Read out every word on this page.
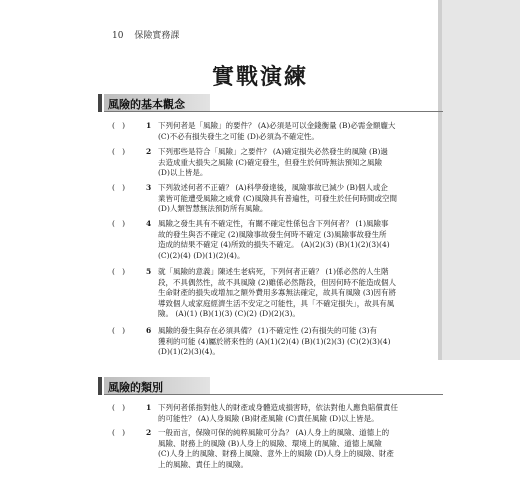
10 保險實務課
實戰演練
風險的基本觀念
(   )	1 下列何者是「風險」的要件？ (A)必須是可以金錢衡量 (B)必需金額龐大
(C)不必有損失發生之可能 (D)必須為不確定性。
(   )	2 下列那些是符合「風險」之要件？ (A)確定損失必然發生的風險 (B)過
去造成重大損失之風險 (C)確定發生，但發生於何時無法預知之風險
(D)以上皆是。
(   )	3 下列敘述何者不正確？ (A)科學發達後，風險事故已減少 (B)個人或企
業皆可能遭受風險之威脅 (C)風險具有普遍性，可發生於任何時間或空間
(D)人類智慧無法預防所有風險。
(   )	4 風險之發生具有不確定性，有關不確定性係包含下列何者？ (1)風險事
故的發生與否不確定 (2)風險事故發生何時不確定 (3)風險事故發生所
造成的結果不確定 (4)所致的損失不確定。 (A)(2)(3) (B)(1)(2)(3)(4)
(C)(2)(4) (D)(1)(2)(4)。
(   )	5 就「風險的意義」陳述生老病死，下列何者正確？ (1)係必然的人生階
段，不具偶然性，故不具風險 (2)雖係必然階段，但因何時不能造成個人
生命財產的損失或增加之額外費用多寡無法確定，故具有風險 (3)因有將
導致個人或家庭經濟生活不安定之可能性，具「不確定損失」，故具有風
險。 (A)(1) (B)(1)(3) (C)(2) (D)(2)(3)。
(   )	6 風險的發生與存在必須具備？ (1)不確定性 (2)有損失的可能 (3)有
獲利的可能 (4)屬於將來性的 (A)(1)(2)(4) (B)(1)(2)(3) (C)(2)(3)(4)
(D)(1)(2)(3)(4)。
風險的類別
(   )	1 下列何者係指對他人的財產或身體造成損害時，依法對他人應負賠償責任
的可能性？ (A)人身風險 (B)財產風險 (C)責任風險 (D)以上皆是。
(   )	2 一般而言，保險可保的純粹風險可分為？ (A)人身上的風險、道德上的
風險、財務上的風險 (B)人身上的風險、環境上的風險、道德上風險
(C)人身上的風險、財務上風險、意外上的風險 (D)人身上的風險、財產
上的風險、責任上的風險。
